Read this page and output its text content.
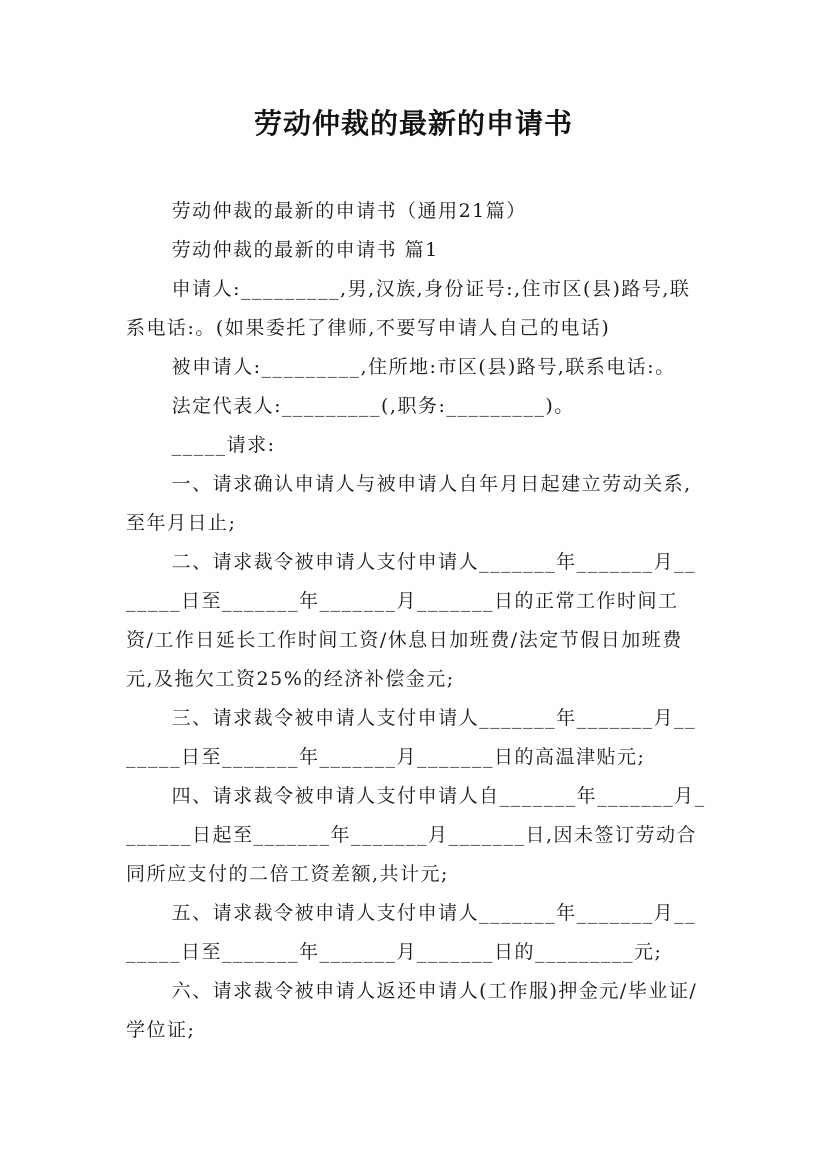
劳动仲裁的最新的申请书

劳动仲裁的最新的申请书（通用21篇）

劳动仲裁的最新的申请书 篇1

申请人:_________,男,汉族,身份证号:,住市区(县)路号,联系电话:。(如果委托了律师,不要写申请人自己的电话)

被申请人:_________,住所地:市区(县)路号,联系电话:。

法定代表人:_________(,职务:_________)。

_____请求:

一、请求确认申请人与被申请人自年月日起建立劳动关系,至年月日止;

二、请求裁令被申请人支付申请人_______年_______月_______日至_______年_______月_______日的正常工作时间工资/工作日延长工作时间工资/休息日加班费/法定节假日加班费元,及拖欠工资25%的经济补偿金元;

三、请求裁令被申请人支付申请人_______年_______月_______日至_______年_______月_______日的高温津贴元;

四、请求裁令被申请人支付申请人自_______年_______月_______日起至_______年_______月_______日,因未签订劳动合同所应支付的二倍工资差额,共计元;

五、请求裁令被申请人支付申请人_______年_______月_______日至_______年_______月_______日的_________元;

六、请求裁令被申请人返还申请人(工作服)押金元/毕业证/学位证;
